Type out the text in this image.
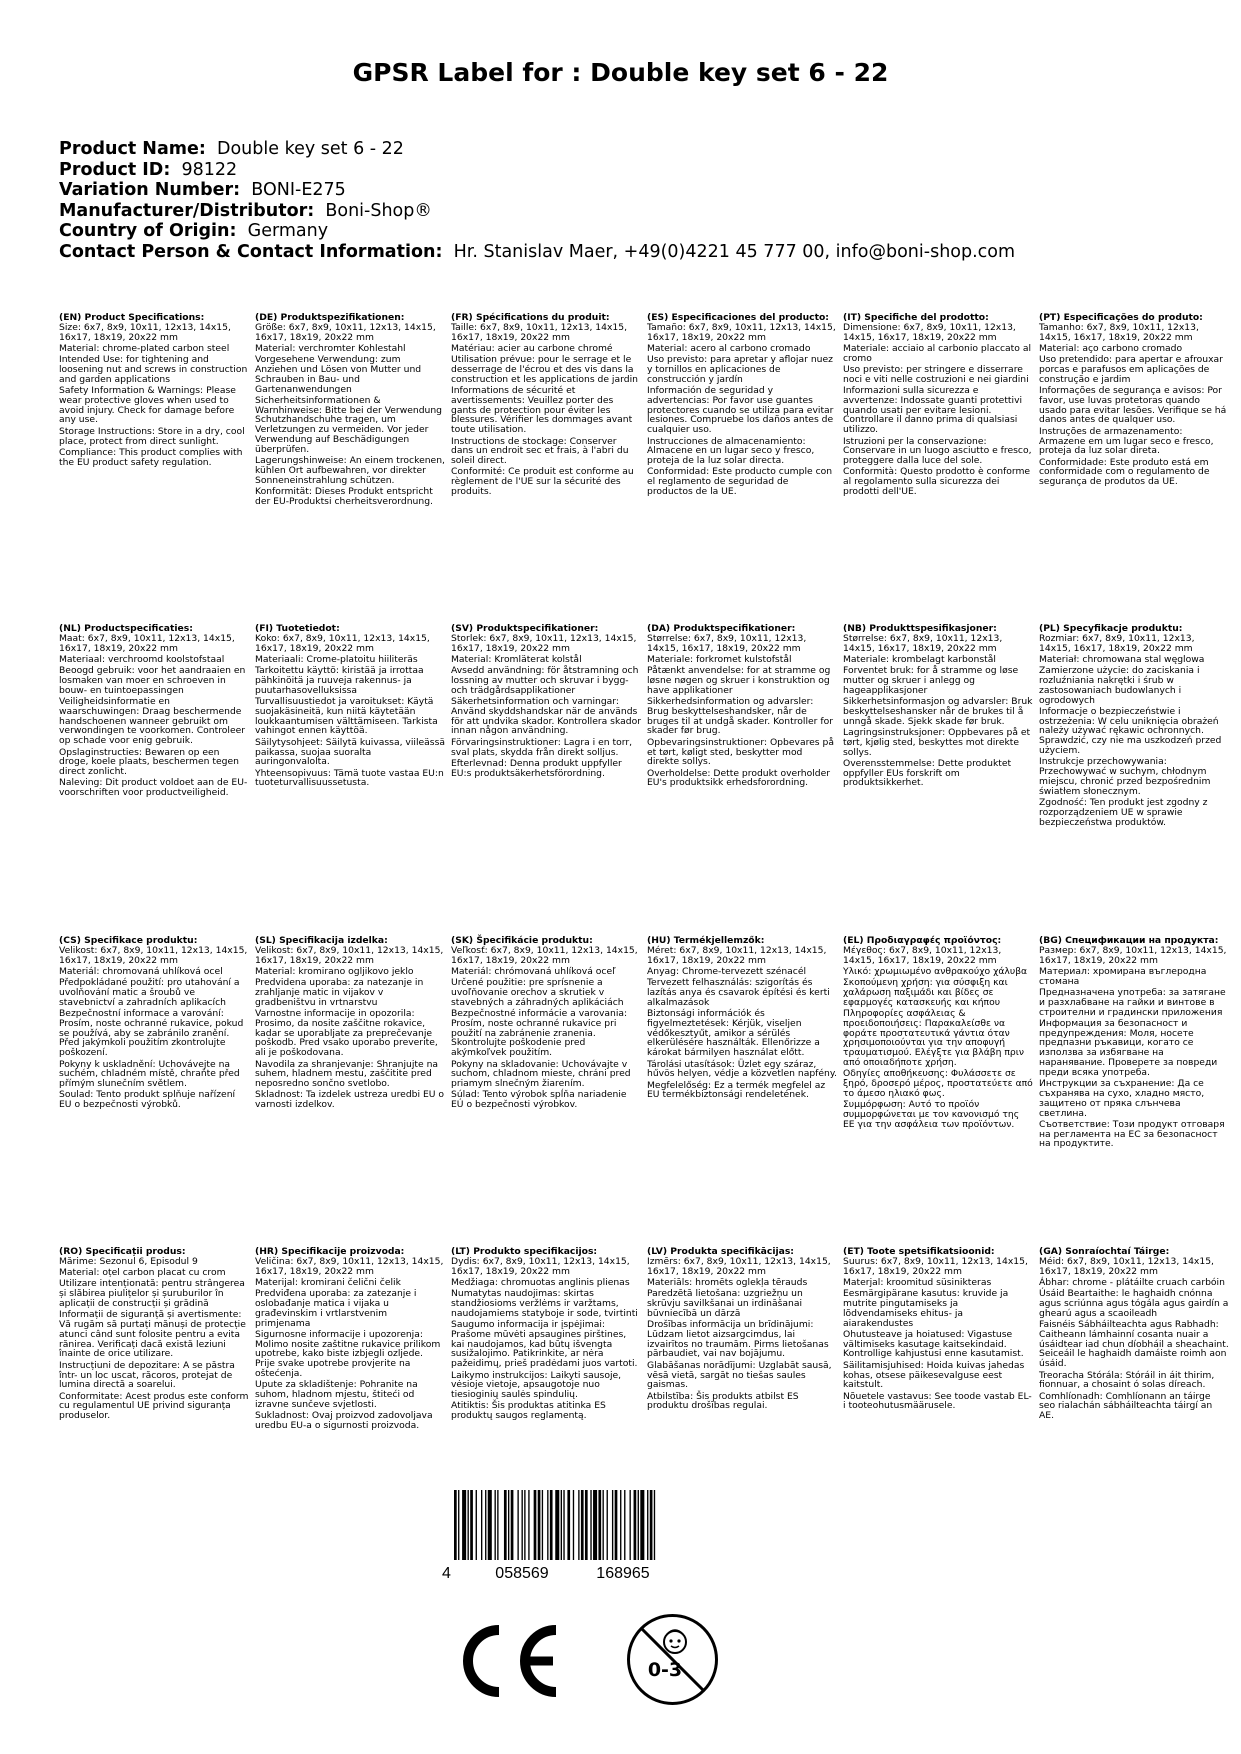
GPSR Label for : Double key set 6 - 22
Product Name: Double key set 6 - 22
Product ID: 98122
Variation Number: BONI-E275
Manufacturer/Distributor: Boni-Shop®
Country of Origin: Germany
Contact Person & Contact Information: Hr. Stanislav Maer, +49(0)4221 45 777 00, info@boni-shop.com
(EN) Product Specifications:
Size: 6x7, 8x9, 10x11, 12x13, 14x15, 16x17, 18x19, 20x22 mm
Material: chrome-plated carbon steel
Intended Use: for tightening and loosening nut and screws in construction and garden applications
Safety Information & Warnings: Please wear protective gloves when used to avoid injury. Check for damage before any use.
Storage Instructions: Store in a dry, cool place, protect from direct sunlight.
Compliance: This product complies with the EU product safety regulation.
(DE) Produktspezifikationen:
Größe: 6x7, 8x9, 10x11, 12x13, 14x15, 16x17, 18x19, 20x22 mm
Material: verchromter Kohlestahl
Vorgesehene Verwendung: zum Anziehen und Lösen von Mutter und Schrauben in Bau- und Gartenanwendungen
Sicherheitsinformationen & Warnhinweise: Bitte bei der Verwendung Schutzhandschuhe tragen, um Verletzungen zu vermeiden. Vor jeder Verwendung auf Beschädigungen überprüfen.
Lagerungshinweise: An einem trockenen, kühlen Ort aufbewahren, vor direkter Sonneneinstrahlung schützen.
Konformität: Dieses Produkt entspricht der EU-Produktsi cherheitsverordnung.
(FR) Spécifications du produit:
Taille: 6x7, 8x9, 10x11, 12x13, 14x15, 16x17, 18x19, 20x22 mm
Matériau: acier au carbone chromé
Utilisation prévue: pour le serrage et le desserrage de l'écrou et des vis dans la construction et les applications de jardin
Informations de sécurité et avertissements: Veuillez porter des gants de protection pour éviter les blessures. Vérifier les dommages avant toute utilisation.
Instructions de stockage: Conserver dans un endroit sec et frais, à l'abri du soleil direct.
Conformité: Ce produit est conforme au règlement de l'UE sur la sécurité des produits.
(ES) Especificaciones del producto:
Tamaño: 6x7, 8x9, 10x11, 12x13, 14x15, 16x17, 18x19, 20x22 mm
Material: acero al carbono cromado
Uso previsto: para apretar y aflojar nuez y tornillos en aplicaciones de construcción y jardín
Información de seguridad y advertencias: Por favor use guantes protectores cuando se utiliza para evitar lesiones. Compruebe los daños antes de cualquier uso.
Instrucciones de almacenamiento: Almacene en un lugar seco y fresco, proteja de la luz solar directa.
Conformidad: Este producto cumple con el reglamento de seguridad de productos de la UE.
(IT) Specifiche del prodotto:
Dimensione: 6x7, 8x9, 10x11, 12x13, 14x15, 16x17, 18x19, 20x22 mm
Materiale: acciaio al carbonio placcato al cromo
Uso previsto: per stringere e disserrare noci e viti nelle costruzioni e nei giardini
Informazioni sulla sicurezza e avvertenze: Indossate guanti protettivi quando usati per evitare lesioni. Controllare il danno prima di qualsiasi utilizzo.
Istruzioni per la conservazione: Conservare in un luogo asciutto e fresco, proteggere dalla luce del sole.
Conformità: Questo prodotto è conforme al regolamento sulla sicurezza dei prodotti dell'UE.
(PT) Especificações do produto:
Tamanho: 6x7, 8x9, 10x11, 12x13, 14x15, 16x17, 18x19, 20x22 mm
Material: aço carbono cromado
Uso pretendido: para apertar e afrouxar porcas e parafusos em aplicações de construção e jardim
Informações de segurança e avisos: Por favor, use luvas protetoras quando usado para evitar lesões. Verifique se há danos antes de qualquer uso.
Instruções de armazenamento: Armazene em um lugar seco e fresco, proteja da luz solar direta.
Conformidade: Este produto está em conformidade com o regulamento de segurança de produtos da UE.
(NL) Productspecificaties:
Maat: 6x7, 8x9, 10x11, 12x13, 14x15, 16x17, 18x19, 20x22 mm
Materiaal: verchroomd koolstofstaal
Beoogd gebruik: voor het aandraaien en losmaken van moer en schroeven in bouw- en tuintoepassingen
Veiligheidsinformatie en waarschuwingen: Draag beschermende handschoenen wanneer gebruikt om verwondingen te voorkomen. Controleer op schade voor enig gebruik.
Opslaginstructies: Bewaren op een droge, koele plaats, beschermen tegen direct zonlicht.
Naleving: Dit product voldoet aan de EU-voorschriften voor productveiligheid.
(FI) Tuotetiedot:
Koko: 6x7, 8x9, 10x11, 12x13, 14x15, 16x17, 18x19, 20x22 mm
Materiaali: Crome-platoitu hiiliteräs
Tarkoitettu käyttö: kiristää ja irrottaa pähkinöitä ja ruuveja rakennus- ja puutarhasovelluksissa
Turvallisuustiedot ja varoitukset: Käytä suojakäsineitä, kun niitä käytetään loukkaantumisen välttämiseen. Tarkista vahingot ennen käyttöä.
Säilytysohjeet: Säilytä kuivassa, viileässä paikassa, suojaa suoralta auringonvalolta.
Yhteensopivuus: Tämä tuote vastaa EU:n tuoteturvallisuussetusta.
(SV) Produktspecifikationer:
Storlek: 6x7, 8x9, 10x11, 12x13, 14x15, 16x17, 18x19, 20x22 mm
Material: Kromläterat kolstål
Avsedd användning: för åtstramning och lossning av mutter och skruvar i bygg- och trädgårdsapplikationer
Säkerhetsinformation och varningar: Använd skyddshandskar när de används för att undvika skador. Kontrollera skador innan någon användning.
Förvaringsinstruktioner: Lagra i en torr, sval plats, skydda från direkt solljus.
Efterlevnad: Denna produkt uppfyller EU:s produktsäkerhetsförordning.
(DA) Produktspecifikationer:
Størrelse: 6x7, 8x9, 10x11, 12x13, 14x15, 16x17, 18x19, 20x22 mm
Materiale: forkromet kulstofstål
Påtænkt anvendelse: for at stramme og løsne nøgen og skruer i konstruktion og have applikationer
Sikkerhedsinformation og advarsler: Brug beskyttelseshandsker, når de bruges til at undgå skader. Kontroller for skader før brug.
Opbevaringsinstruktioner: Opbevares på et tørt, køligt sted, beskytter mod direkte sollys.
Overholdelse: Dette produkt overholder EU's produktsikk erhedsforordning.
(NB) Produkttspesifikasjoner:
Størrelse: 6x7, 8x9, 10x11, 12x13, 14x15, 16x17, 18x19, 20x22 mm
Materiale: krombelagt karbonstål
Forventet bruk: for å stramme og løse mutter og skruer i anlegg og hageapplikasjoner
Sikkerhetsinformasjon og advarsler: Bruk beskyttelseshansker når de brukes til å unngå skade. Sjekk skade før bruk.
Lagringsinstruksjoner: Oppbevares på et tørt, kjølig sted, beskyttes mot direkte sollys.
Overensstemmelse: Dette produktet oppfyller EUs forskrift om produktsikkerhet.
(PL) Specyfikacje produktu:
Rozmiar: 6x7, 8x9, 10x11, 12x13, 14x15, 16x17, 18x19, 20x22 mm
Materiał: chromowana stal węglowa
Zamierzone użycie: do zaciskania i rozluźniania nakrętki i śrub w zastosowaniach budowlanych i ogrodowych
Informacje o bezpieczeństwie i ostrzeżenia: W celu uniknięcia obrażeń należy używać rękawic ochronnych. Sprawdzić, czy nie ma uszkodzeń przed użyciem.
Instrukcje przechowywania: Przechowywać w suchym, chłodnym miejscu, chronić przed bezpośrednim światłem słonecznym.
Zgodność: Ten produkt jest zgodny z rozporządzeniem UE w sprawie bezpieczeństwa produktów.
(CS) Specifikace produktu:
Velikost: 6x7, 8x9, 10x11, 12x13, 14x15, 16x17, 18x19, 20x22 mm
Materiál: chromovaná uhlíková ocel
Předpokládané použití: pro utahování a uvolňování matic a šroubů ve stavebnictví a zahradních aplikacích
Bezpečnostní informace a varování: Prosím, noste ochranné rukavice, pokud se používá, aby se zabránilo zranění. Před jakýmkoli použitím zkontrolujte poškození.
Pokyny k uskladnění: Uchovávejte na suchém, chladném místě, chraňte před přímým slunečním světlem.
Soulad: Tento produkt splňuje nařízení EU o bezpečnosti výrobků.
(SL) Specifikacija izdelka:
Velikost: 6x7, 8x9, 10x11, 12x13, 14x15, 16x17, 18x19, 20x22 mm
Material: kromirano ogljikovo jeklo
Predvidena uporaba: za natezanje in zrahljanje matic in vijakov v gradbeništvu in vrtnarstvu
Varnostne informacije in opozorila: Prosimo, da nosite zaščitne rokavice, kadar se uporabljate za preprečevanje poškodb. Pred vsako uporabo preverite, ali je poškodovana.
Navodila za shranjevanje: Shranjujte na suhem, hladnem mestu, zaščitite pred neposredno sončno svetlobo.
Skladnost: Ta izdelek ustreza uredbi EU o varnosti izdelkov.
(SK) Špecifikácie produktu:
Veľkosť: 6x7, 8x9, 10x11, 12x13, 14x15, 16x17, 18x19, 20x22 mm
Materiál: chrómovaná uhlíková oceľ
Určené použitie: pre sprísnenie a uvoľňovanie orechov a skrutiek v stavebných a záhradných aplikáciách
Bezpečnostné informácie a varovania: Prosím, noste ochranné rukavice pri použití na zabránenie zranenia. Skontrolujte poškodenie pred akýmkoľvek použitím.
Pokyny na skladovanie: Uchovávajte v suchom, chladnom mieste, chráni pred priamym slnečným žiarením.
Súlad: Tento výrobok spĺňa nariadenie EÚ o bezpečnosti výrobkov.
(HU) Termékjellemzők:
Méret: 6x7, 8x9, 10x11, 12x13, 14x15, 16x17, 18x19, 20x22 mm
Anyag: Chrome-tervezett szénacél
Tervezett felhasználás: szigorítás és lazítás anya és csavarok építési és kerti alkalmazások
Biztonsági információk és figyelmeztetések: Kérjük, viseljen védőkesztyűt, amikor a sérülés elkerülésére használták. Ellenőrizze a károkat bármilyen használat előtt.
Tárolási utasítások: Üzlet egy száraz, hűvös helyen, védje a közvetlen napfény.
Megfelelőség: Ez a termék megfelel az EU termékbiztonsági rendeletének.
(EL) Προδιαγραφές προϊόντος:
Μέγεθος: 6x7, 8x9, 10x11, 12x13, 14x15, 16x17, 18x19, 20x22 mm
Υλικό: χρωμιωμένο ανθρακούχο χάλυβα
Σκοπούμενη χρήση: για σύσφιξη και χαλάρωση παξιμάδι και βίδες σε εφαρμογές κατασκευής και κήπου
Πληροφορίες ασφάλειας & προειδοποιήσεις: Παρακαλείσθε να φοράτε προστατευτικά γάντια όταν χρησιμοποιούνται για την αποφυγή τραυματισμού. Ελέγξτε για βλάβη πριν από οποιαδήποτε χρήση.
Οδηγίες αποθήκευσης: Φυλάσσετε σε ξηρό, δροσερό μέρος, προστατεύετε από το άμεσο ηλιακό φως.
Συμμόρφωση: Αυτό το προϊόν συμμορφώνεται με τον κανονισμό της ΕΕ για την ασφάλεια των προϊόντων.
(BG) Спецификации на продукта:
Размер: 6x7, 8x9, 10x11, 12x13, 14x15, 16x17, 18x19, 20x22 mm
Материал: хромирана въглеродна стомана
Предназначена употреба: за затягане и разхлабване на гайки и винтове в строителни и градински приложения
Информация за безопасност и предупреждения: Моля, носете предпазни ръкавици, когато се използва за избягване на наранявание. Проверете за повреди преди всяка употреба.
Инструкции за съхранение: Да се съхранява на сухо, хладно място, защитено от пряка слънчева светлина.
Съответствие: Този продукт отговаря на регламента на ЕС за безопасност на продуктите.
(RO) Specificații produs:
Mărime: Sezonul 6, Episodul 9
Material: oțel carbon placat cu crom
Utilizare intenționată: pentru strângerea și slăbirea piulițelor și șuruburilor în aplicații de construcții și grădină
Informații de siguranță și avertismente: Vă rugăm să purtați mănuși de protecție atunci când sunt folosite pentru a evita rănirea. Verificați dacă există leziuni înainte de orice utilizare.
Instrucțiuni de depozitare: A se păstra într- un loc uscat, răcoros, protejat de lumina directă a soarelui.
Conformitate: Acest produs este conform cu regulamentul UE privind siguranța produselor.
(HR) Specifikacije proizvoda:
Veličina: 6x7, 8x9, 10x11, 12x13, 14x15, 16x17, 18x19, 20x22 mm
Materijal: kromirani čelični čelik
Predviđena uporaba: za zatezanje i oslobađanje matica i vijaka u građevinskim i vrtlarstvenim primjenama
Sigurnosne informacije i upozorenja: Molimo nosite zaštitne rukavice prilikom upotrebe, kako biste izbjegli ozljede. Prije svake upotrebe provjerite na oštećenja.
Upute za skladištenje: Pohranite na suhom, hladnom mjestu, štiteći od izravne sunčeve svjetlosti.
Sukladnost: Ovaj proizvod zadovoljava uredbu EU-a o sigurnosti proizvoda.
(LT) Produkto specifikacijos:
Dydis: 6x7, 8x9, 10x11, 12x13, 14x15, 16x17, 18x19, 20x22 mm
Medžiaga: chromuotas anglinis plienas
Numatytas naudojimas: skirtas standžiosioms veržlėms ir varžtams, naudojamiems statyboje ir sode, tvirtinti
Saugumo informacija ir įspėjimai: Prašome mūvėti apsaugines pirštines, kai naudojamos, kad būtų išvengta susižalojimo. Patikrinkite, ar nėra pažeidimų, prieš pradėdami juos vartoti.
Laikymo instrukcijos: Laikyti sausoje, vėsioje vietoje, apsaugotoje nuo tiesioginių saulės spindulių.
Atitiktis: Šis produktas atitinka ES produktų saugos reglamentą.
(LV) Produkta specifikācijas:
Izmērs: 6x7, 8x9, 10x11, 12x13, 14x15, 16x17, 18x19, 20x22 mm
Materiāls: hromēts oglekļa tērauds
Paredzētā lietošana: uzgriežņu un skrūvju savilkšanai un irdināšanai būvniecībā un dārzā
Drošības informācija un brīdinājumi: Lūdzam lietot aizsargcimdus, lai izvairītos no traumām. Pirms lietošanas pārbaudiet, vai nav bojājumu.
Glabāšanas norādījumi: Uzglabāt sausā, vēsā vietā, sargāt no tiešas saules gaismas.
Atbilstība: Šis produkts atbilst ES produktu drošības regulai.
(ET) Toote spetsifikatsioonid:
Suurus: 6x7, 8x9, 10x11, 12x13, 14x15, 16x17, 18x19, 20x22 mm
Materjal: kroomitud süsinikteras
Eesmärgipärane kasutus: kruvide ja mutrite pingutamiseks ja lõdvendamiseks ehitus- ja aiarakendustes
Ohutusteave ja hoiatused: Vigastuse vältimiseks kasutage kaitsekindaid. Kontrollige kahjustusi enne kasutamist.
Säilitamisjuhised: Hoida kuivas jahedas kohas, otsese päikesevalguse eest kaitstult.
Nõuetele vastavus: See toode vastab EL-i tooteohutusmäärusele.
(GA) Sonraíochtaí Táirge:
Méid: 6x7, 8x9, 10x11, 12x13, 14x15, 16x17, 18x19, 20x22 mm
Ábhar: chrome - plátáilte cruach carbóin
Úsáid Beartaithe: le haghaidh cnónna agus scriúnna agus tógála agus gairdín a ghearú agus a scaoileadh
Faisnéis Sábháilteachta agus Rabhadh: Caitheann lámhainní cosanta nuair a úsáidtear iad chun díobháil a sheachaint. Seiceáil le haghaidh damáiste roimh aon úsáid.
Treoracha Stórála: Stóráil in áit thirim, fionnuar, a chosaint ó solas díreach.
Comhlíonadh: Comhlíonann an táirge seo rialachán sábháilteachta táirgí an AE.
4	058569	168965
0-3
